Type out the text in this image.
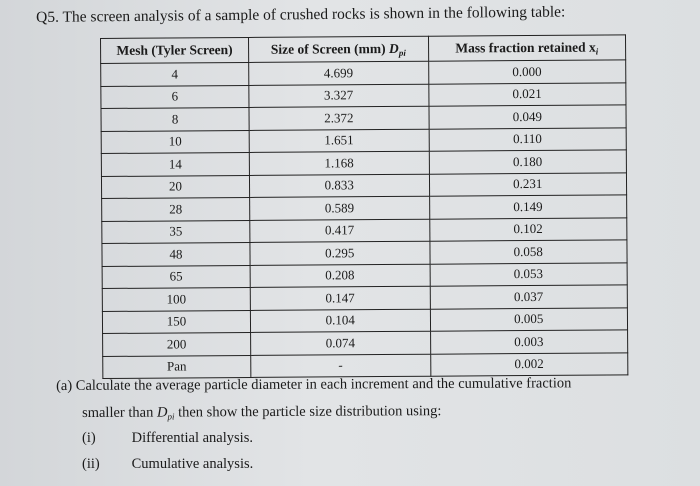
Q5. The screen analysis of a sample of crushed rocks is shown in the following table:
Mesh (Tyler Screen)	Size of Screen (mm) $D_{pi}$	Mass fraction retained $x_i$
4	4.699	0.000
6	3.327	0.021
8	2.372	0.049
10	1.651	0.110
14	1.168	0.180
20	0.833	0.231
28	0.589	0.149
35	0.417	0.102
48	0.295	0.058
65	0.208	0.053
100	0.147	0.037
150	0.104	0.005
200	0.074	0.003
Pan	-	0.002
(a) Calculate the average particle diameter in each increment and the cumulative fraction
smaller than $D_{pi}$ then show the particle size distribution using:
(i) Differential analysis.
(ii) Cumulative analysis.
